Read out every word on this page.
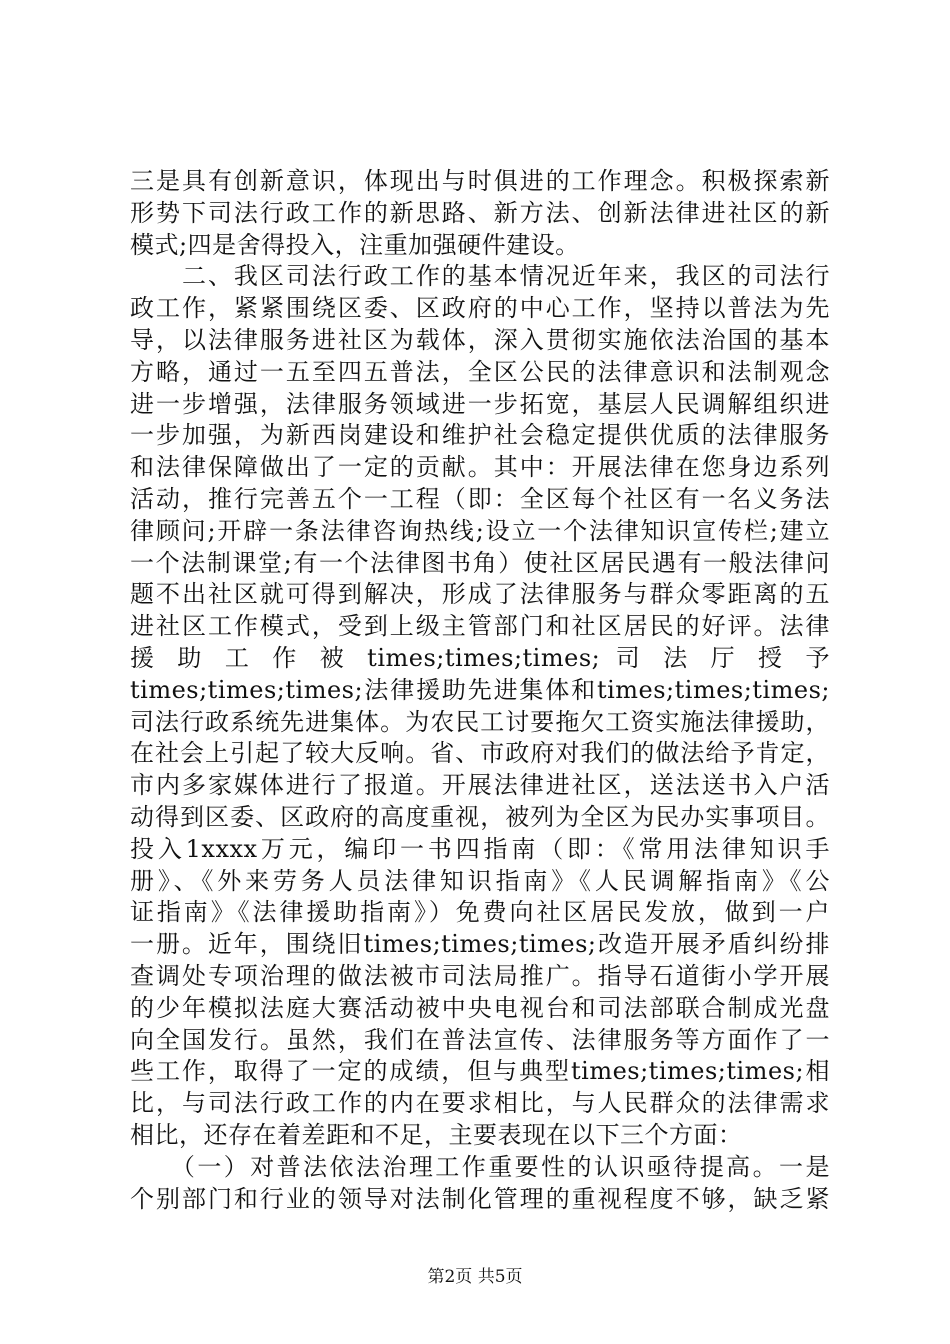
三是具有创新意识，体现出与时俱进的工作理念。积极探索新
形势下司法行政工作的新思路、新方法、创新法律进社区的新
模式;四是舍得投入，注重加强硬件建设。
　　二、我区司法行政工作的基本情况近年来，我区的司法行
政工作，紧紧围绕区委、区政府的中心工作，坚持以普法为先
导，以法律服务进社区为载体，深入贯彻实施依法治国的基本
方略，通过一五至四五普法，全区公民的法律意识和法制观念
进一步增强，法律服务领域进一步拓宽，基层人民调解组织进
一步加强，为新西岗建设和维护社会稳定提供优质的法律服务
和法律保障做出了一定的贡献。其中：开展法律在您身边系列
活动，推行完善五个一工程（即：全区每个社区有一名义务法
律顾问;开辟一条法律咨询热线;设立一个法律知识宣传栏;建立
一个法制课堂;有一个法律图书角）使社区居民遇有一般法律问
题不出社区就可得到解决，形成了法律服务与群众零距离的五
进社区工作模式，受到上级主管部门和社区居民的好评。法律
援 助 工 作 被 times;times;times; 司 法 厅 授 予
times;times;times;法律援助先进集体和times;times;times;
司法行政系统先进集体。为农民工讨要拖欠工资实施法律援助，
在社会上引起了较大反响。省、市政府对我们的做法给予肯定，
市内多家媒体进行了报道。开展法律进社区，送法送书入户活
动得到区委、区政府的高度重视，被列为全区为民办实事项目。
投入1xxxx万元，编印一书四指南（即：《常用法律知识手
册》、《外来劳务人员法律知识指南》《人民调解指南》《公
证指南》《法律援助指南》）免费向社区居民发放，做到一户
一册。近年，围绕旧times;times;times;改造开展矛盾纠纷排
查调处专项治理的做法被市司法局推广。指导石道街小学开展
的少年模拟法庭大赛活动被中央电视台和司法部联合制成光盘
向全国发行。虽然，我们在普法宣传、法律服务等方面作了一
些工作，取得了一定的成绩，但与典型times;times;times;相
比，与司法行政工作的内在要求相比，与人民群众的法律需求
相比，还存在着差距和不足，主要表现在以下三个方面：
　　（一）对普法依法治理工作重要性的认识亟待提高。一是
个别部门和行业的领导对法制化管理的重视程度不够，缺乏紧
第2页 共5页
